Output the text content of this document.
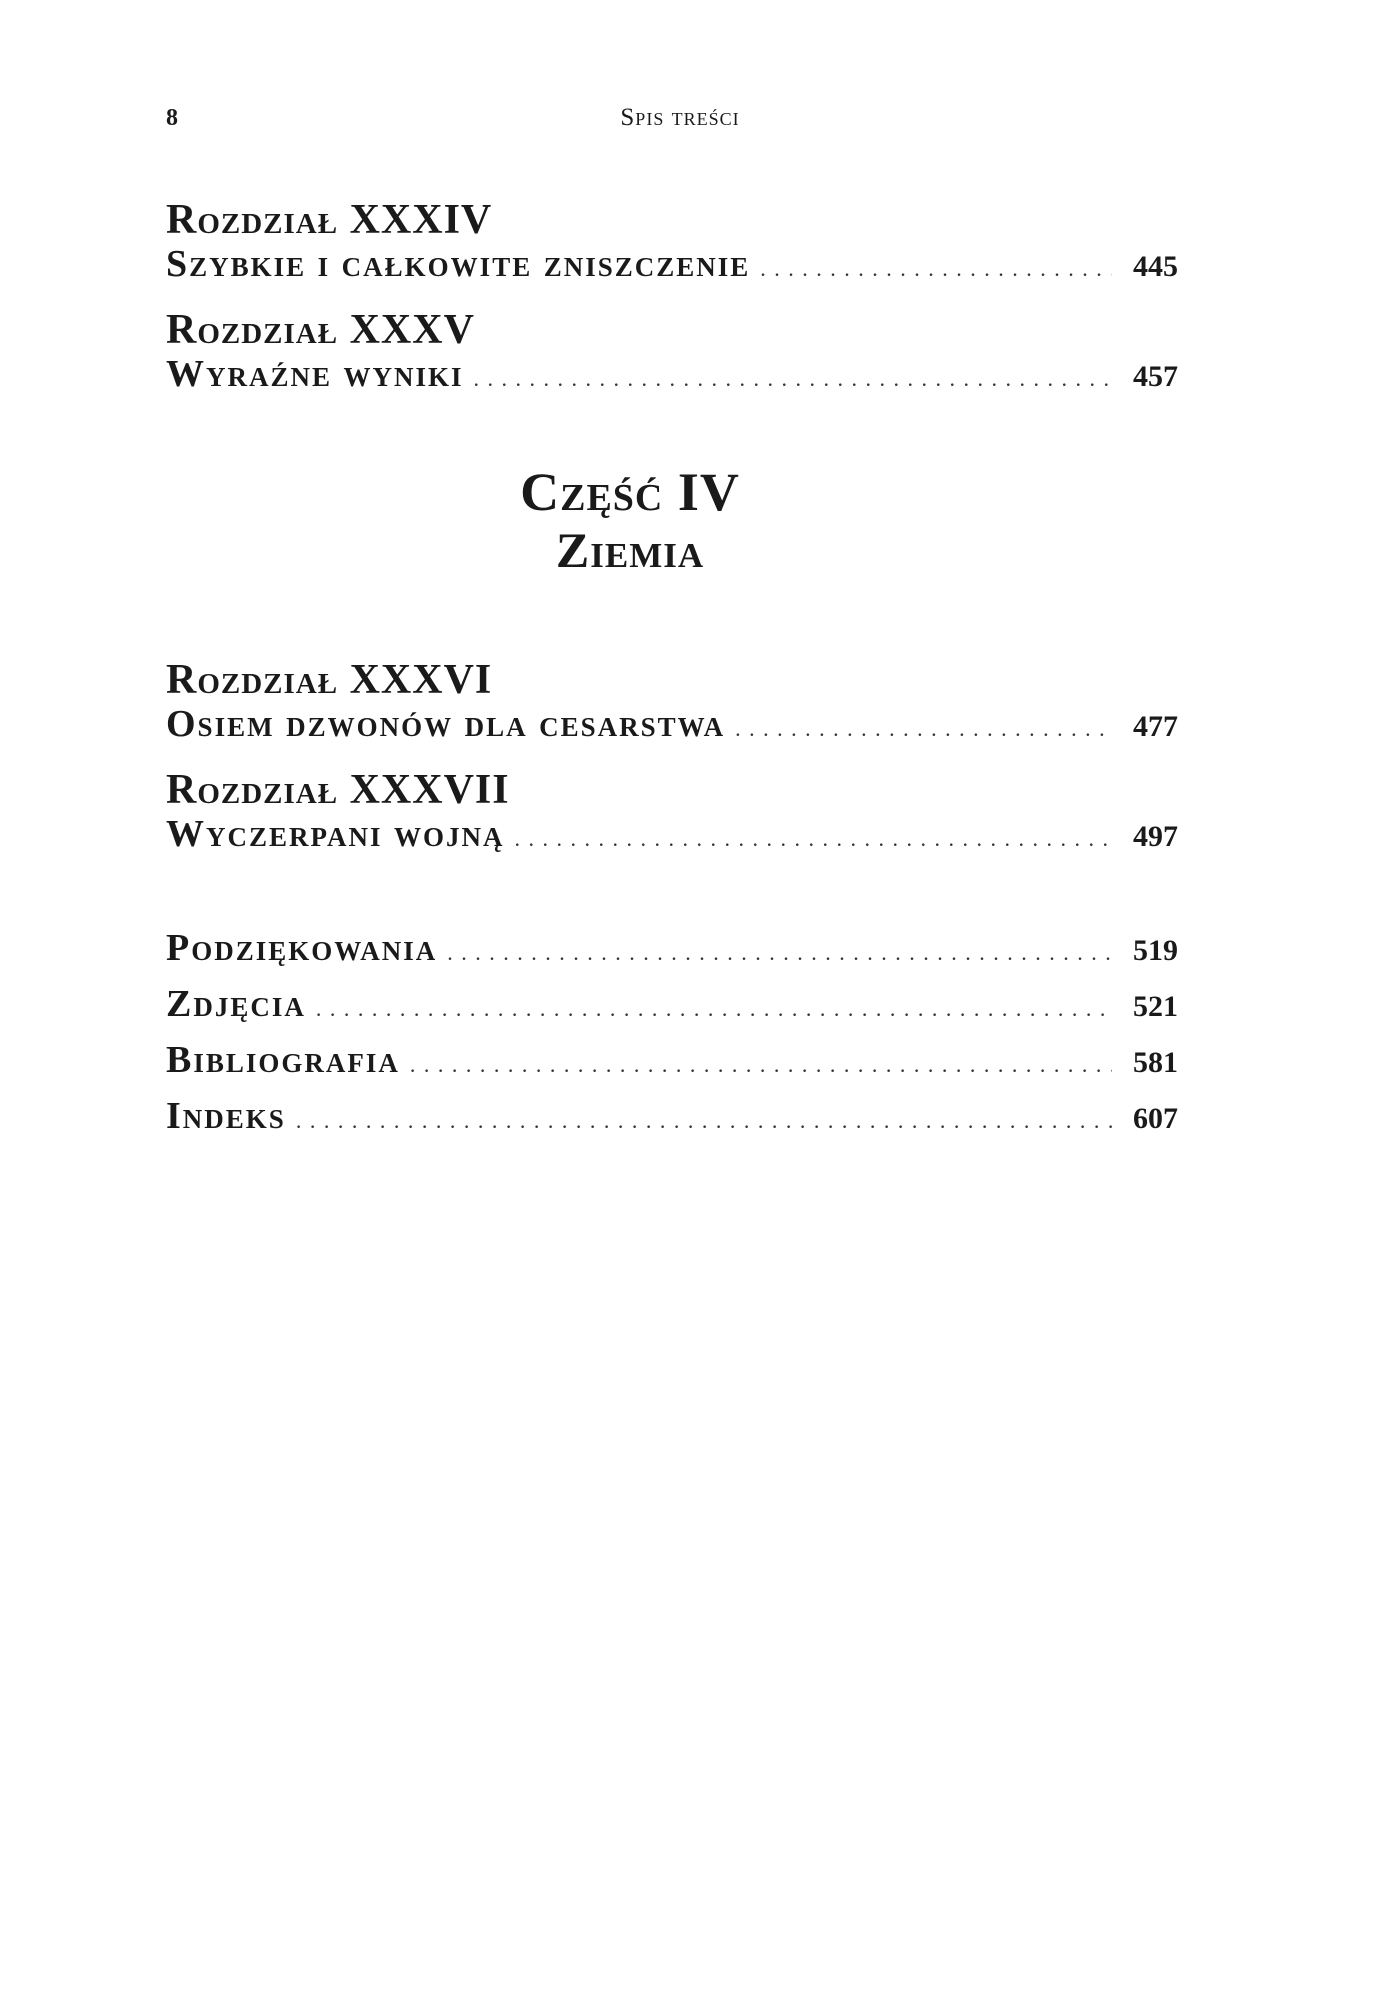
8	Spis treści
Rozdział XXXIV
Szybkie i całkowite zniszczenie . . .	445
Rozdział XXXV
Wyraźne wyniki . . .	457
Część IV
Ziemia
Rozdział XXXVI
Osiem dzwonów dla cesarstwa . . .	477
Rozdział XXXVII
Wyczerpani wojną . . .	497
Podziękowania . . .	519
Zdjęcia . . .	521
Bibliografia . . .	581
Indeks . . .	607
